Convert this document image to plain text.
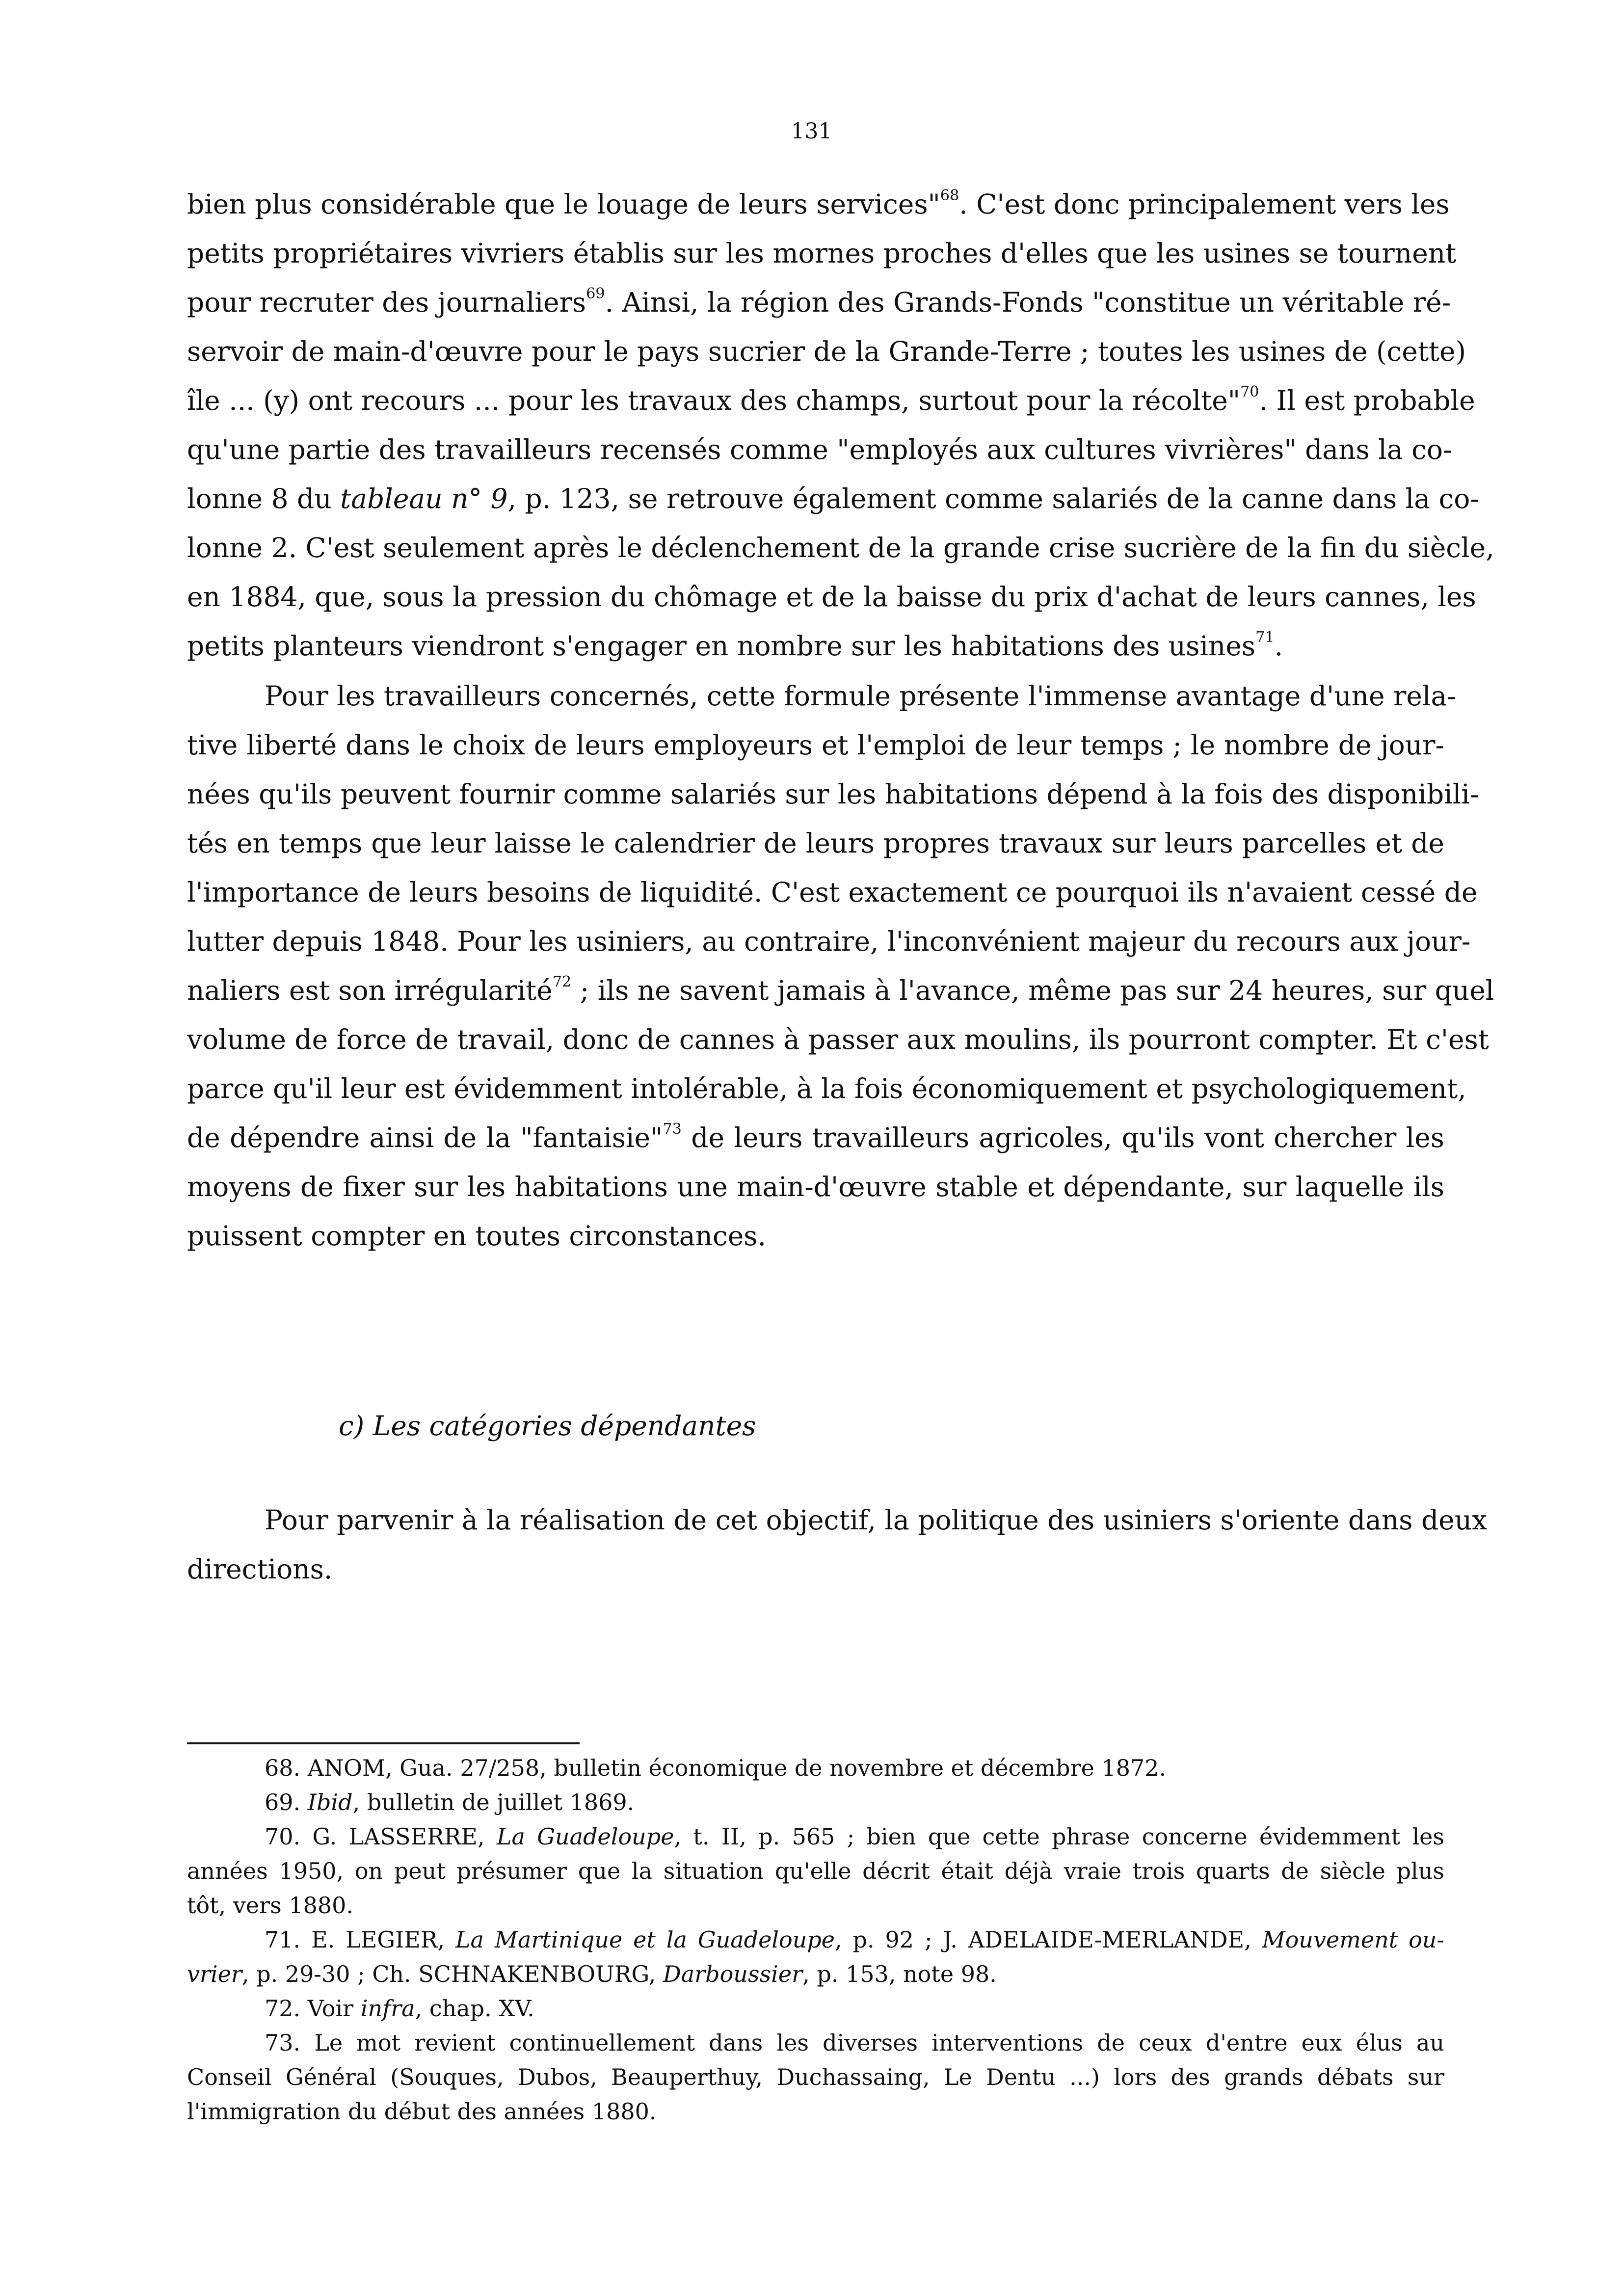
131
bien plus considérable que le louage de leurs services"$^{68}$. C'est donc principalement vers les
petits propriétaires vivriers établis sur les mornes proches d'elles que les usines se tournent
pour recruter des journaliers$^{69}$. Ainsi, la région des Grands-Fonds "constitue un véritable ré-
servoir de main-d'œuvre pour le pays sucrier de la Grande-Terre ; toutes les usines de (cette)
île ... (y) ont recours ... pour les travaux des champs, surtout pour la récolte"$^{70}$. Il est probable
qu'une partie des travailleurs recensés comme "employés aux cultures vivrières" dans la co-
lonne 8 du tableau n° 9, p. 123, se retrouve également comme salariés de la canne dans la co-
lonne 2. C'est seulement après le déclenchement de la grande crise sucrière de la fin du siècle,
en 1884, que, sous la pression du chômage et de la baisse du prix d'achat de leurs cannes, les
petits planteurs viendront s'engager en nombre sur les habitations des usines$^{71}$.
Pour les travailleurs concernés, cette formule présente l'immense avantage d'une rela-
tive liberté dans le choix de leurs employeurs et l'emploi de leur temps ; le nombre de jour-
nées qu'ils peuvent fournir comme salariés sur les habitations dépend à la fois des disponibili-
tés en temps que leur laisse le calendrier de leurs propres travaux sur leurs parcelles et de
l'importance de leurs besoins de liquidité. C'est exactement ce pourquoi ils n'avaient cessé de
lutter depuis 1848. Pour les usiniers, au contraire, l'inconvénient majeur du recours aux jour-
naliers est son irrégularité$^{72}$ ; ils ne savent jamais à l'avance, même pas sur 24 heures, sur quel
volume de force de travail, donc de cannes à passer aux moulins, ils pourront compter. Et c'est
parce qu'il leur est évidemment intolérable, à la fois économiquement et psychologiquement,
de dépendre ainsi de la "fantaisie"$^{73}$ de leurs travailleurs agricoles, qu'ils vont chercher les
moyens de fixer sur les habitations une main-d'œuvre stable et dépendante, sur laquelle ils
puissent compter en toutes circonstances.
c) Les catégories dépendantes
Pour parvenir à la réalisation de cet objectif, la politique des usiniers s'oriente dans deux
directions.
68. ANOM, Gua. 27/258, bulletin économique de novembre et décembre 1872.
69. Ibid, bulletin de juillet 1869.
70. G. LASSERRE, La Guadeloupe, t. II, p. 565 ; bien que cette phrase concerne évidemment les
années 1950, on peut présumer que la situation qu'elle décrit était déjà vraie trois quarts de siècle plus
tôt, vers 1880.
71. E. LEGIER, La Martinique et la Guadeloupe, p. 92 ; J. ADELAIDE-MERLANDE, Mouvement ou-
vrier, p. 29-30 ; Ch. SCHNAKENBOURG, Darboussier, p. 153, note 98.
72. Voir infra, chap. XV.
73. Le mot revient continuellement dans les diverses interventions de ceux d'entre eux élus au
Conseil Général (Souques, Dubos, Beauperthuy, Duchassaing, Le Dentu ...) lors des grands débats sur
l'immigration du début des années 1880.
